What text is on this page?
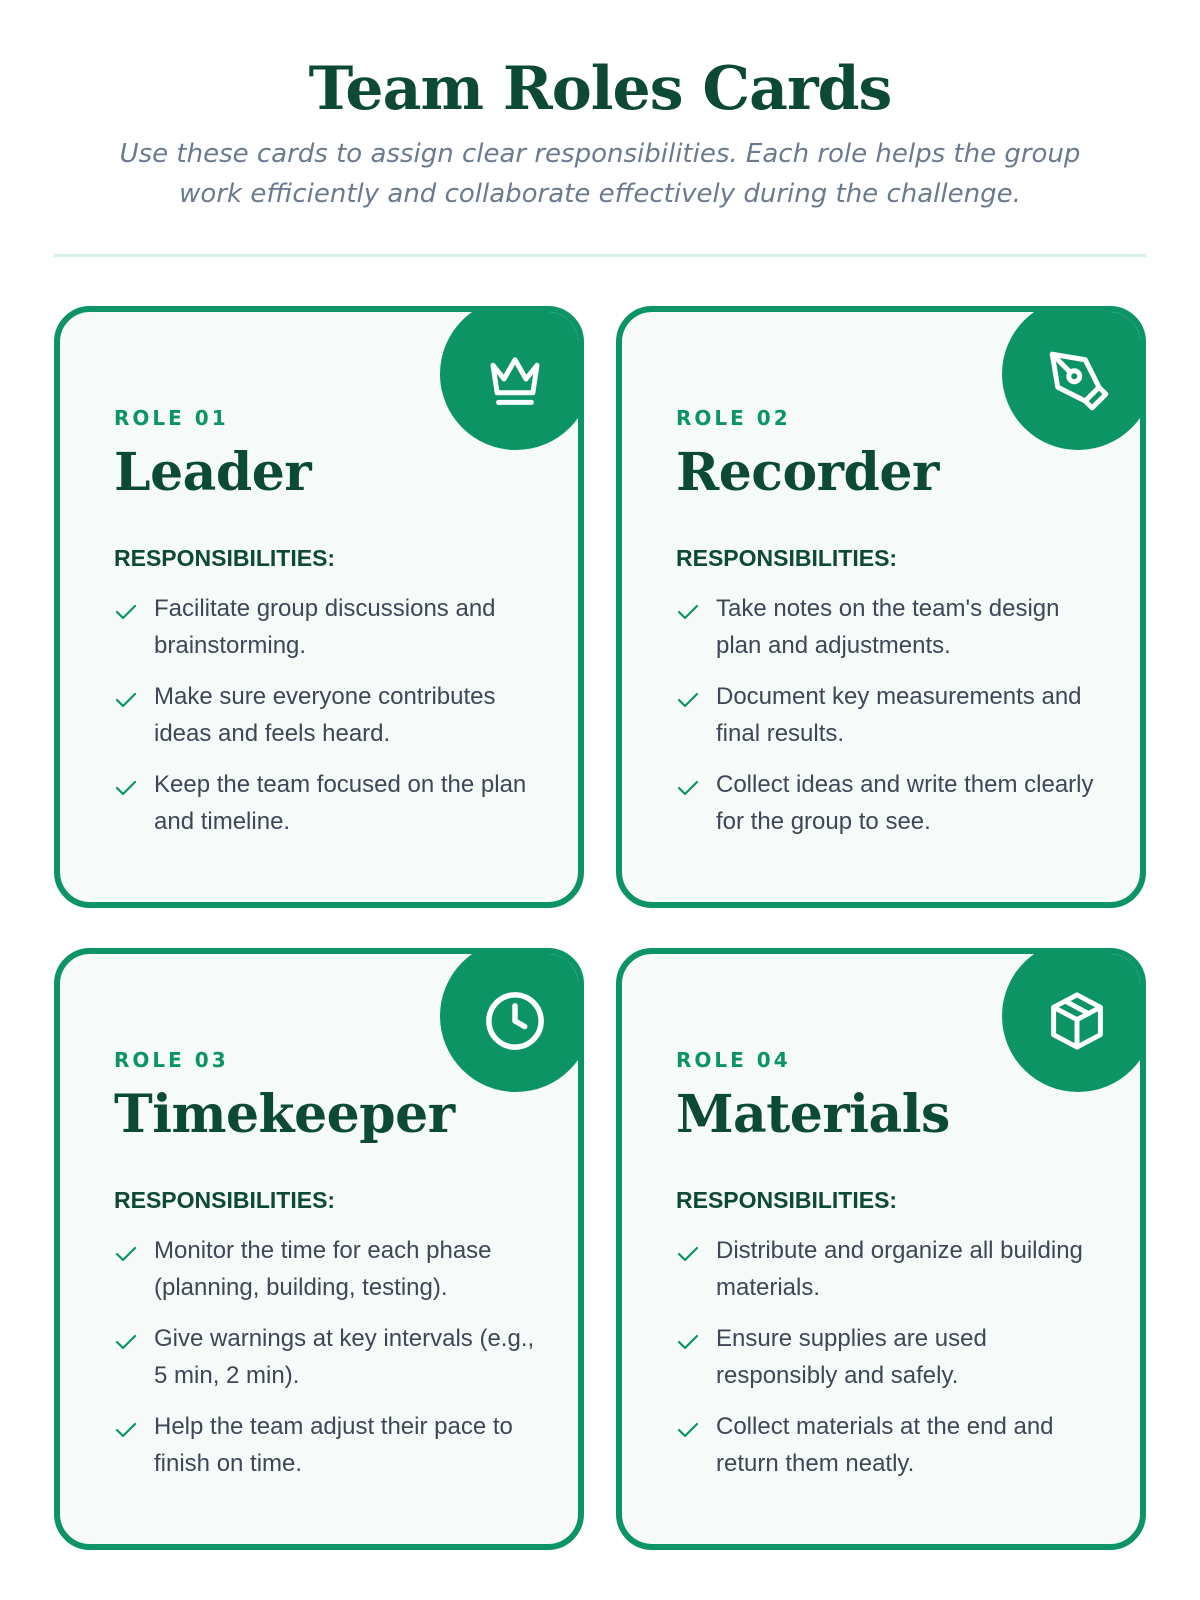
Team Roles Cards

Use these cards to assign clear responsibilities. Each role helps the group work efficiently and collaborate effectively during the challenge.

ROLE 01
Leader
RESPONSIBILITIES:
Facilitate group discussions and brainstorming.
Make sure everyone contributes ideas and feels heard.
Keep the team focused on the plan and timeline.
ROLE 02
Recorder
RESPONSIBILITIES:
Take notes on the team's design plan and adjustments.
Document key measurements and final results.
Collect ideas and write them clearly for the group to see.
ROLE 03
Timekeeper
RESPONSIBILITIES:
Monitor the time for each phase (planning, building, testing).
Give warnings at key intervals (e.g., 5 min, 2 min).
Help the team adjust their pace to finish on time.
ROLE 04
Materials
RESPONSIBILITIES:
Distribute and organize all building materials.
Ensure supplies are used responsibly and safely.
Collect materials at the end and return them neatly.
